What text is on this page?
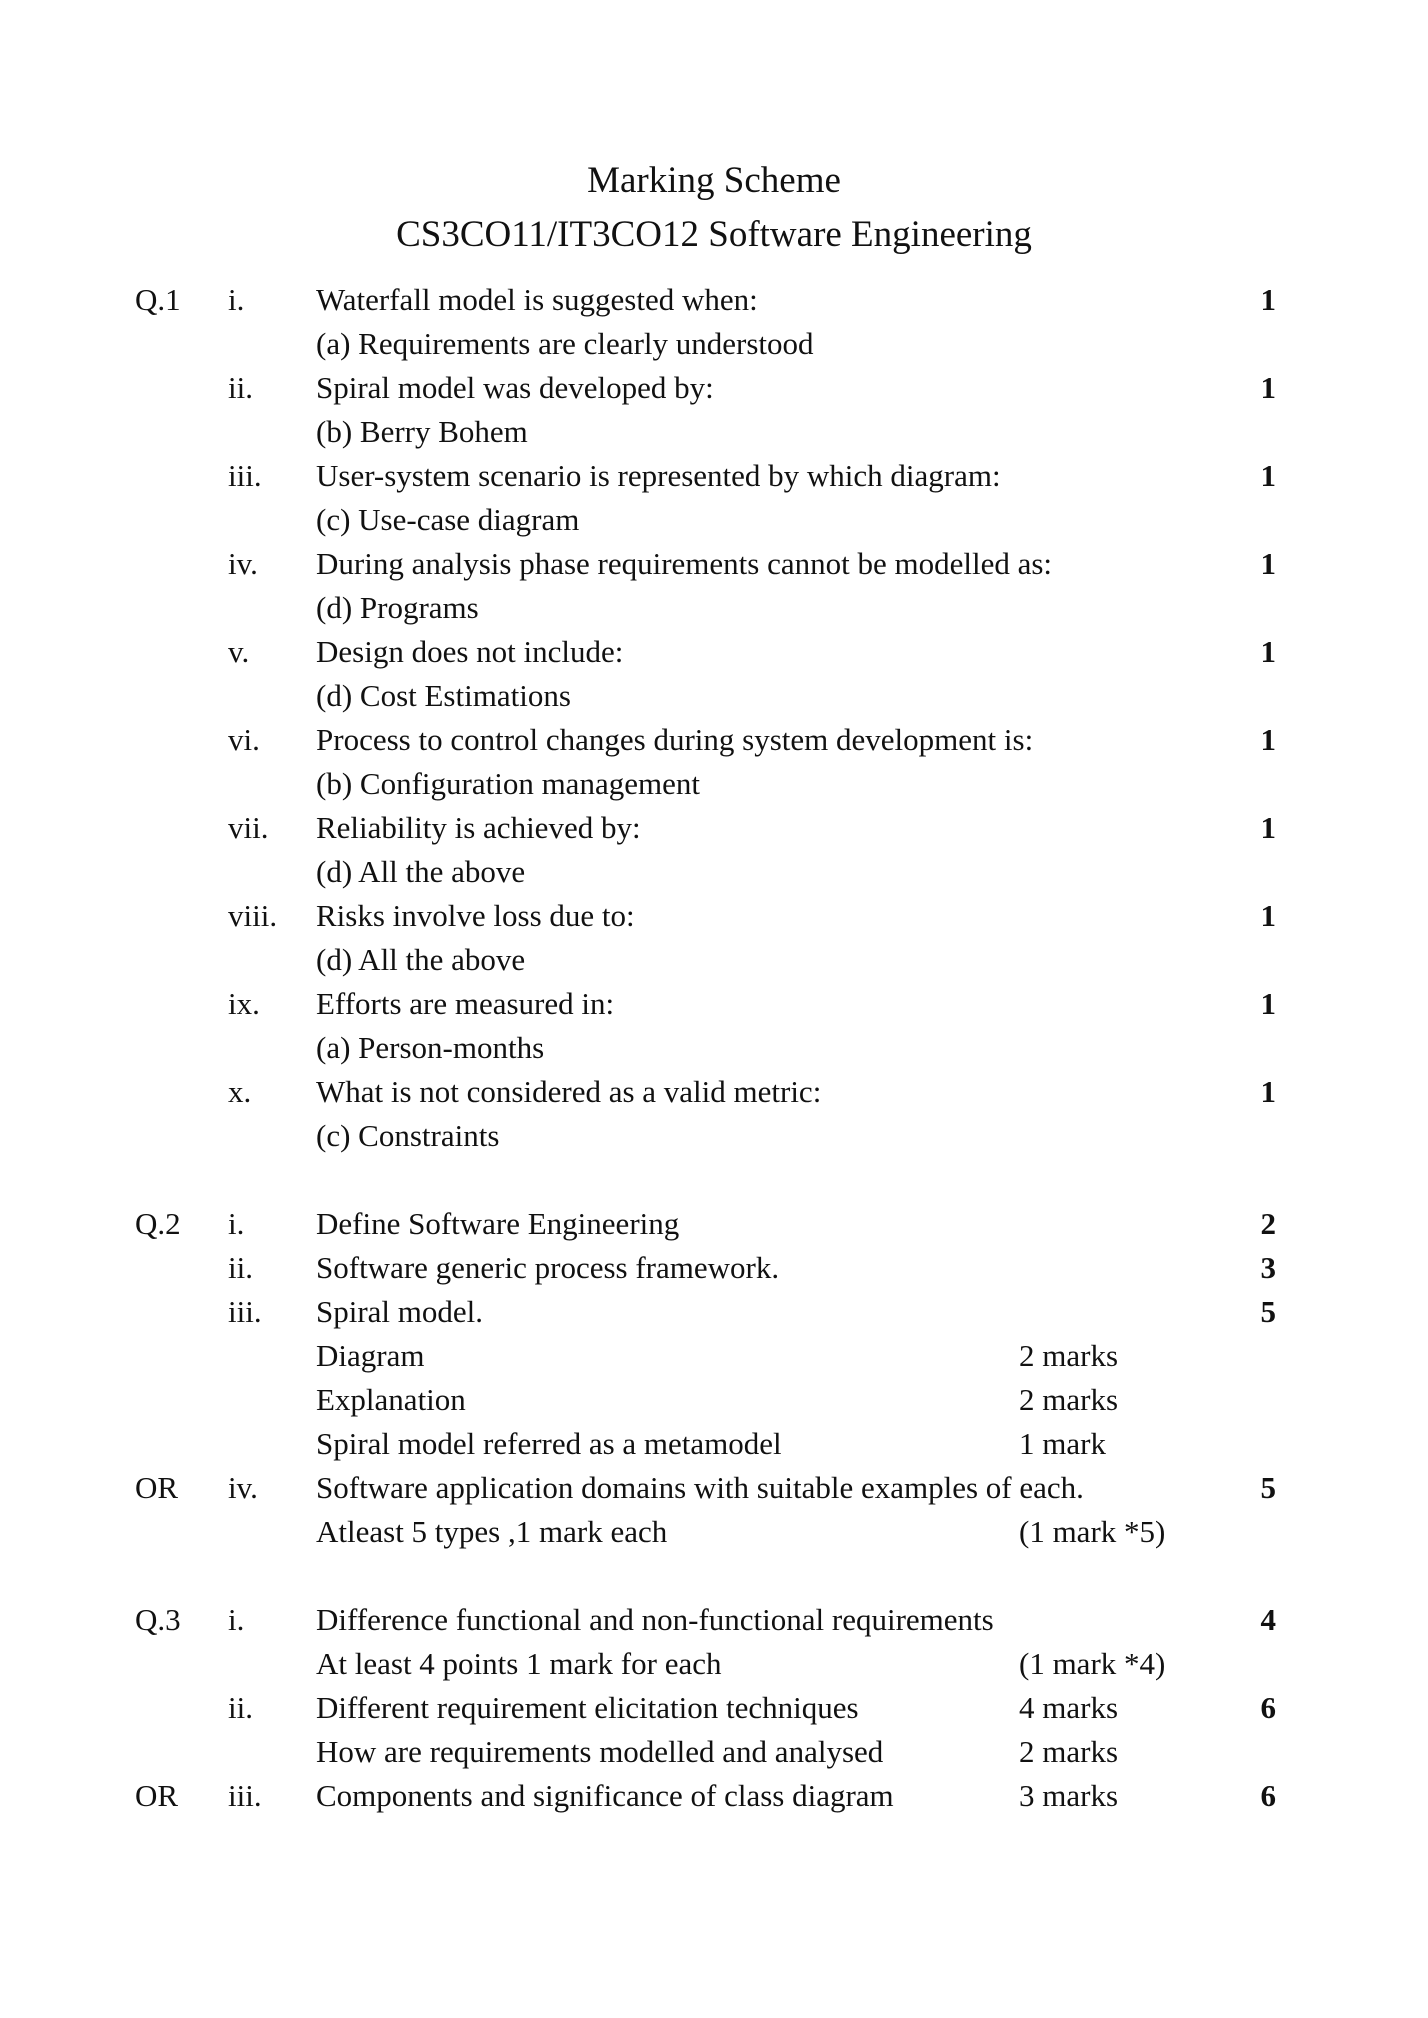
Marking Scheme
CS3CO11/IT3CO12 Software Engineering
Q.1 i. Waterfall model is suggested when:	1
(a) Requirements are clearly understood
ii. Spiral model was developed by:	1
(b) Berry Bohem
iii. User-system scenario is represented by which diagram:	1
(c) Use-case diagram
iv. During analysis phase requirements cannot be modelled as:	1
(d) Programs
v. Design does not include:	1
(d) Cost Estimations
vi. Process to control changes during system development is:	1
(b) Configuration management
vii. Reliability is achieved by:	1
(d) All the above
viii. Risks involve loss due to:	1
(d) All the above
ix. Efforts are measured in:	1
(a) Person-months
x. What is not considered as a valid metric:	1
(c) Constraints
Q.2 i. Define Software Engineering	2
ii. Software generic process framework.	3
iii. Spiral model.	5
Diagram	2 marks
Explanation	2 marks
Spiral model referred as a metamodel	1 mark
OR iv. Software application domains with suitable examples of each.	5
Atleast 5 types ,1 mark each	(1 mark *5)
Q.3 i. Difference functional and non-functional requirements	4
At least 4 points 1 mark for each	(1 mark *4)
ii. Different requirement elicitation techniques	4 marks	6
How are requirements modelled and analysed	2 marks
OR iii. Components and significance of class diagram	3 marks	6
